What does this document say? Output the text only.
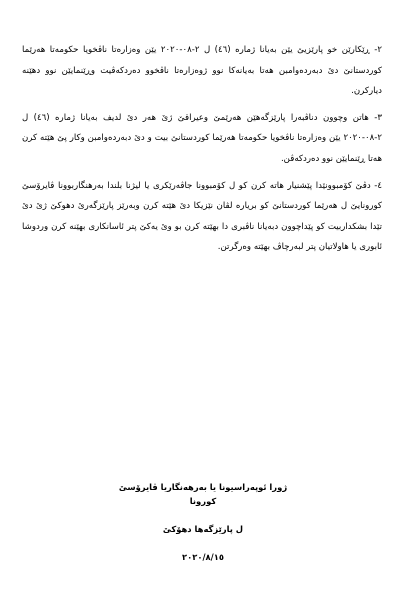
٢- ڕێكارێن خو پارێزیێ یێن بەیانا ژمارە (٤٦) ل ٢-٠٨-٢٠٢٠ یێن وەزارەتا ناڤخویا حكومەتا هەرێما كوردستانێ دێ دبەردەوامبن هەتا بەیانەكا نوو ژوەزارەتا ناڤخوو دەردكەڤیت وڕێنمایێن نوو دهێنە دیاركرن.

٣- هاتن وچوون دناڤبەرا پارێزگەهێن هەرێمێ وعیراقێ ژێ هەر دێ لدیف بەیانا ژمارە (٤٦) ل ٢-٠٨-٢٠٢٠ یێن وەزارەتا ناڤخویا حكومەتا هەرێما كوردستانێ بیت و دێ دبەردەوامبن وكار پێ هێتە كرن هەتا ڕێنمایێن نوو دەردكەڤن.

٤- دڤێ كۆمبوونێدا پێشنیار هاتە كرن كو ل كۆمبوونا جاڤەرێكری یا لیژنا بلندا بەرهنگاربوونا ڤایرۆسێ كورونایێ ل هەرێما كوردستانێ كو بریارە لڤان نێزیكا دێ هێتە كرن وبەرێز پارێزگەرێ دهوكێ ژێ دێ تێدا بشكداربیت كو پێداچوون دبەیانا ناڤبری دا بهێتە كرن بو وێ یەكێ پتر ئاسانكاری بهێنە كرن وردوشا ئابوری یا هاولاتیان پتر لبەرچاڤ بهێتە وەرگرتن.

ژورا ئوپەراسیونا یا بەرهەنگاریا ڤایرۆسێ كورونا
ل پارێزگەها دهۆكێ
٢٠٢٠/٨/١٥
